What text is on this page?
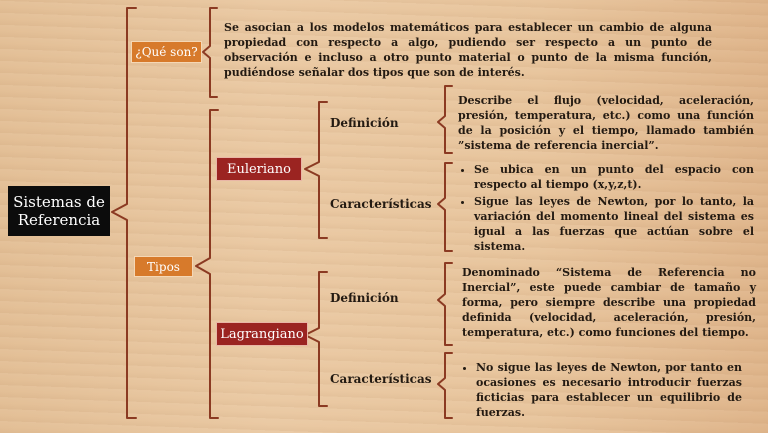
Sistemas de
Referencia
¿Qué son?
Se asocian a los modelos matemáticos para establecer un cambio de alguna propiedad con respecto a algo, pudiendo ser respecto a un punto de observación e incluso a otro punto material o punto de la misma función, pudiéndose señalar dos tipos que son de interés.
Tipos
Euleriano
Definición
Características
Describe el flujo (velocidad, aceleración, presión, temperatura, etc.) como una función de la posición y el tiempo, llamado también ”sistema de referencia inercial”.
• Se ubica en un punto del espacio con respecto al tiempo (x,y,z,t).
• Sigue las leyes de Newton, por lo tanto, la variación del momento lineal del sistema es igual a las fuerzas que actúan sobre el sistema.
Lagrangiano
Definición
Características
Denominado “Sistema de Referencia no Inercial”, este puede cambiar de tamaño y forma, pero siempre describe una propiedad definida (velocidad, aceleración, presión, temperatura, etc.) como funciones del tiempo.
• No sigue las leyes de Newton, por tanto en ocasiones es necesario introducir fuerzas ficticias para establecer un equilibrio de fuerzas.
